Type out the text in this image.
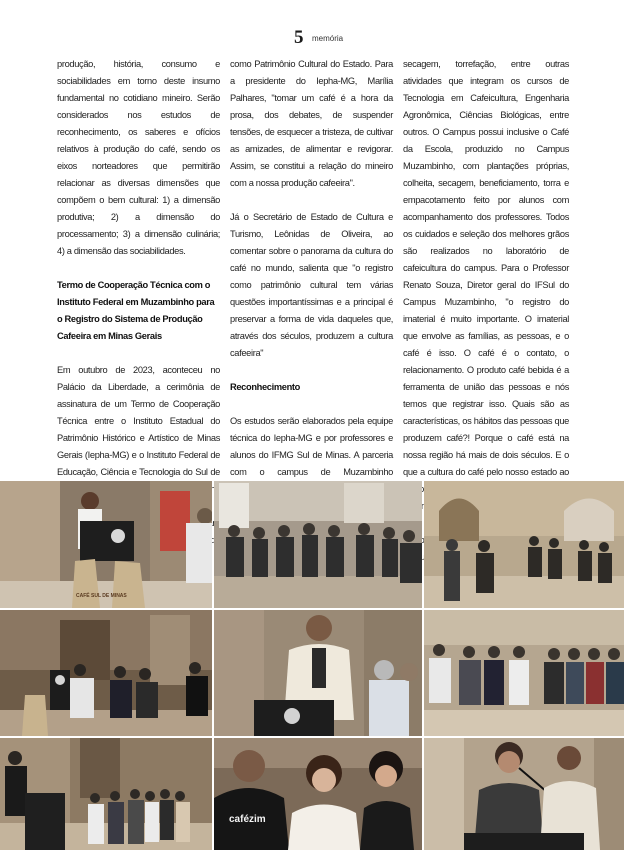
5 memória

produção, história, consumo e sociabilidades em torno deste insumo fundamental no cotidiano mineiro. Serão considerados nos estudos de reconhecimento, os saberes e ofícios relativos à produção do café, sendo os eixos norteadores que permitirão relacionar as diversas dimensões que compõem o bem cultural: 1) a dimensão produtiva; 2) a dimensão do processamento; 3) a dimensão culinária; 4) a dimensão das sociabilidades.

Termo de Cooperação Técnica com o Instituto Federal em Muzambinho para o Registro do Sistema de Produção Cafeeira em Minas Gerais

Em outubro de 2023, aconteceu no Palácio da Liberdade, a cerimônia de assinatura de um Termo de Cooperação Técnica entre o Instituto Estadual do Patrimônio Histórico e Artístico de Minas Gerais (Iepha-MG) e o Instituto Federal de Educação, Ciência e Tecnologia do Sul de

como Patrimônio Cultural do Estado. Para a presidente do Iepha-MG, Marília Palhares, "tomar um café é a hora da prosa, dos debates, de suspender tensões, de esquecer a tristeza, de cultivar as amizades, de alimentar e revigorar. Assim, se constitui a relação do mineiro com a nossa produção cafeeira".

Já o Secretário de Estado de Cultura e Turismo, Leônidas de Oliveira, ao comentar sobre o panorama da cultura do café no mundo, salienta que "o registro como patrimônio cultural tem várias questões importantíssimas e a principal é preservar a forma de vida daqueles que, através dos séculos, produzem a cultura cafeeira"

Reconhecimento

Os estudos serão elaborados pela equipe técnica do Iepha-MG e por professores e alunos do IFMG Sul de Minas. A parceria com o campus de Muzambinho

secagem, torrefação, entre outras atividades que integram os cursos de Tecnologia em Cafeicultura, Engenharia Agronômica, Ciências Biológicas, entre outros. O Campus possui inclusive o Café da Escola, produzido no Campus Muzambinho, com plantações próprias, colheita, secagem, beneficiamento, torra e empacotamento feito por alunos com acompanhamento dos professores. Todos os cuidados e seleção dos melhores grãos são realizados no laboratório de cafeicultura do campus. Para o Professor Renato Souza, Diretor geral do IFSul do Campus Muzambinho, "o registro do imaterial é muito importante. O imaterial que envolve as famílias, as pessoas, e o café é isso. O café é o contato, o relacionamento. O produto café bebida é a ferramenta de união das pessoas e nós temos que registrar isso. Quais são as características, os hábitos das pessoas que produzem café?! Porque o café está na nossa região há mais de dois séculos. E o que a cultura do café pelo nosso estado ao responder

CAFÉ SUL DE MINAS
cafézim
